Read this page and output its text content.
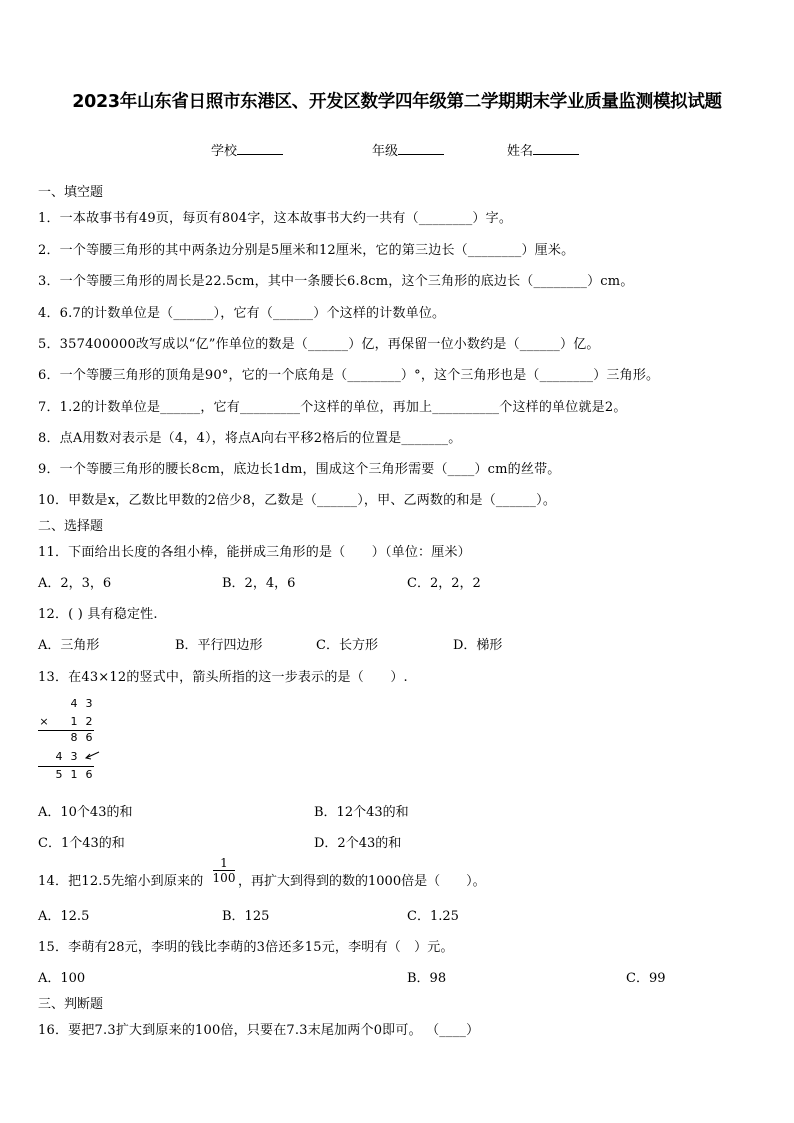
2023年山东省日照市东港区、开发区数学四年级第二学期期末学业质量监测模拟试题
学校	年级	姓名
一、填空题
1．一本故事书有49页，每页有804字，这本故事书大约一共有（________）字。
2．一个等腰三角形的其中两条边分别是5厘米和12厘米，它的第三边长（________）厘米。
3．一个等腰三角形的周长是22.5cm，其中一条腰长6.8cm，这个三角形的底边长（________）cm。
4．6.7的计数单位是（______），它有（______）个这样的计数单位。
5．357400000改写成以“亿”作单位的数是（______）亿，再保留一位小数约是（______）亿。
6．一个等腰三角形的顶角是90°，它的一个底角是（________）°，这个三角形也是（________）三角形。
7．1.2的计数单位是______，它有_________个这样的单位，再加上__________个这样的单位就是2。
8．点A用数对表示是（4，4），将点A向右平移2格后的位置是_______。
9．一个等腰三角形的腰长8cm，底边长1dm，围成这个三角形需要（____）cm的丝带。
10．甲数是x，乙数比甲数的2倍少8，乙数是（______），甲、乙两数的和是（______）。
二、选择题
11．下面给出长度的各组小棒，能拼成三角形的是（　　）（单位：厘米）
A．2，3，6	B．2，4，6	C．2，2，2
12．( ) 具有稳定性.
A．三角形	B．平行四边形	C．长方形	D．梯形
13．在43×12的竖式中，箭头所指的这一步表示的是（　　）.
4 3
× 1 2
8 6
4 3
5 1 6
A．10个43的和	B．12个43的和
C．1个43的和	D．2个43的和
14．把12.5先缩小到原来的
1
100 ，再扩大到得到的数的1000倍是（　　）。
A．12.5	B．125	C．1.25
15．李萌有28元，李明的钱比李萌的3倍还多15元，李明有（　）元。
A．100	B．98	C．99
三、判断题
16．要把7.3扩大到原来的100倍，只要在7.3末尾加两个0即可。 （____）
